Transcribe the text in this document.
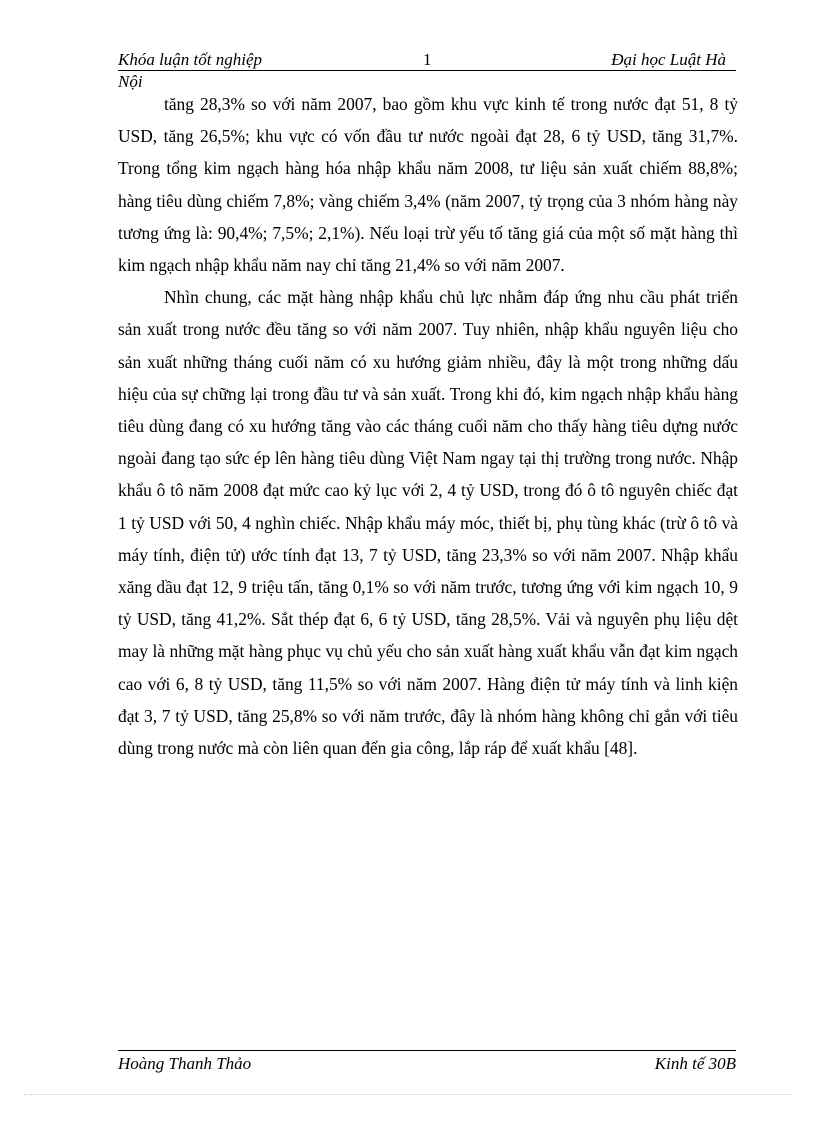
Khóa luận tốt nghiệp	1	Đại học Luật Hà
Nội

tăng 28,3% so với năm 2007, bao gồm khu vực kinh tế trong nước đạt 51, 8 tỷ USD, tăng 26,5%; khu vực có vốn đầu tư nước ngoài đạt 28, 6 tỷ USD, tăng 31,7%. Trong tổng kim ngạch hàng hóa nhập khẩu năm 2008, tư liệu sản xuất chiếm 88,8%; hàng tiêu dùng chiếm 7,8%; vàng chiếm 3,4% (năm 2007, tỷ trọng của 3 nhóm hàng này tương ứng là: 90,4%; 7,5%; 2,1%). Nếu loại trừ yếu tố tăng giá của một số mặt hàng thì kim ngạch nhập khẩu năm nay chỉ tăng 21,4% so với năm 2007.

Nhìn chung, các mặt hàng nhập khẩu chủ lực nhằm đáp ứng nhu cầu phát triển sản xuất trong nước đều tăng so với năm 2007. Tuy nhiên, nhập khẩu nguyên liệu cho sản xuất những tháng cuối năm có xu hướng giảm nhiều, đây là một trong những dấu hiệu của sự chững lại trong đầu tư và sản xuất. Trong khi đó, kim ngạch nhập khẩu hàng tiêu dùng đang có xu hướng tăng vào các tháng cuối năm cho thấy hàng tiêu dựng nước ngoài đang tạo sức ép lên hàng tiêu dùng Việt Nam ngay tại thị trường trong nước. Nhập khẩu ô tô năm 2008 đạt mức cao kỷ lục với 2, 4 tỷ USD, trong đó ô tô nguyên chiếc đạt 1 tỷ USD với 50, 4 nghìn chiếc. Nhập khẩu máy móc, thiết bị, phụ tùng khác (trừ ô tô và máy tính, điện tử) ước tính đạt 13, 7 tỷ USD, tăng 23,3% so với năm 2007. Nhập khẩu xăng dầu đạt 12, 9 triệu tấn, tăng 0,1% so với năm trước, tương ứng với kim ngạch 10, 9 tỷ USD, tăng 41,2%. Sắt thép đạt 6, 6 tỷ USD, tăng 28,5%. Vải và nguyên phụ liệu dệt may là những mặt hàng phục vụ chủ yếu cho sản xuất hàng xuất khẩu vẫn đạt kim ngạch cao với 6, 8 tỷ USD, tăng 11,5% so với năm 2007. Hàng điện tử máy tính và linh kiện đạt 3, 7 tỷ USD, tăng 25,8% so với năm trước, đây là nhóm hàng không chỉ gắn với tiêu dùng trong nước mà còn liên quan đến gia công, lắp ráp để xuất khẩu [48].

Hoàng Thanh Thảo	Kinh tế 30B
